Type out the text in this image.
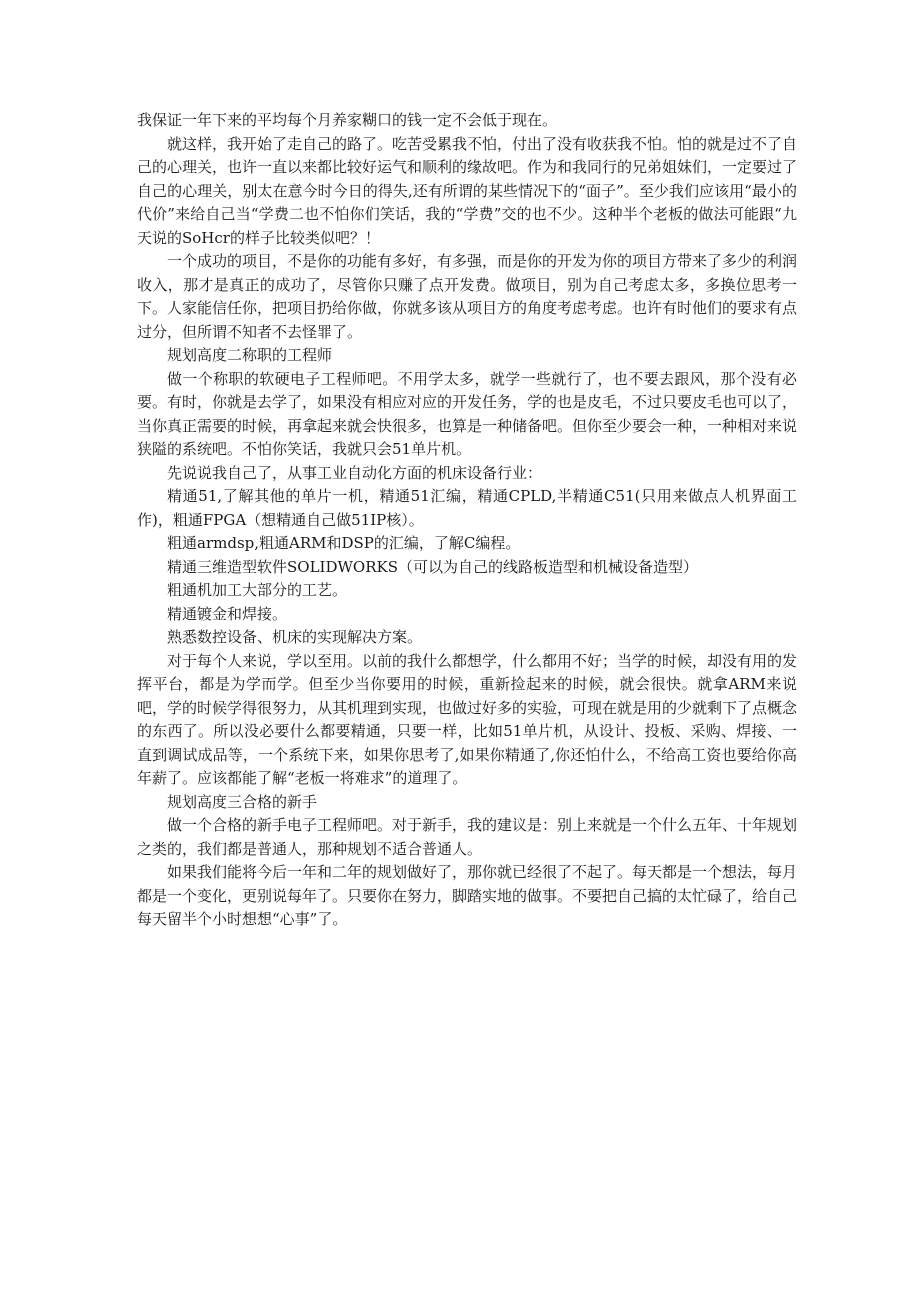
我保证一年下来的平均每个月养家糊口的钱一定不会低于现在。

就这样，我开始了走自己的路了。吃苦受累我不怕，付出了没有收获我不怕。怕的就是过不了自己的心理关，也许一直以来都比较好运气和顺利的缘故吧。作为和我同行的兄弟姐妹们，一定要过了自己的心理关，别太在意今时今日的得失,还有所谓的某些情况下的“面子”。至少我们应该用“最小的代价”来给自己当“学费二也不怕你们笑话，我的“学费”交的也不少。这种半个老板的做法可能跟“九天说的SoHcr的样子比较类似吧？！

一个成功的项目，不是你的功能有多好，有多强，而是你的开发为你的项目方带来了多少的利润收入，那才是真正的成功了，尽管你只赚了点开发费。做项目，别为自己考虑太多，多换位思考一下。人家能信任你，把项目扔给你做，你就多该从项目方的角度考虑考虑。也许有时他们的要求有点过分，但所谓不知者不去怪罪了。

规划高度二称职的工程师

做一个称职的软硬电子工程师吧。不用学太多，就学一些就行了，也不要去跟风，那个没有必要。有时，你就是去学了，如果没有相应对应的开发任务，学的也是皮毛，不过只要皮毛也可以了，当你真正需要的时候，再拿起来就会快很多，也算是一种储备吧。但你至少要会一种，一种相对来说狭隘的系统吧。不怕你笑话，我就只会51单片机。

先说说我自己了，从事工业自动化方面的机床设备行业：

精通51,了解其他的单片一机，精通51汇编，精通CPLD,半精通C51(只用来做点人机界面工作)，粗通FPGA（想精通自己做51IP核）。

粗通armdsp,粗通ARM和DSP的汇编，了解C编程。

精通三维造型软件SOLIDWORKS（可以为自己的线路板造型和机械设备造型）

粗通机加工大部分的工艺。

精通镀金和焊接。

熟悉数控设备、机床的实现解决方案。

对于每个人来说，学以至用。以前的我什么都想学，什么都用不好；当学的时候，却没有用的发挥平台，都是为学而学。但至少当你要用的时候，重新捡起来的时候，就会很快。就拿ARM来说吧，学的时候学得很努力，从其机理到实现，也做过好多的实验，可现在就是用的少就剩下了点概念的东西了。所以没必要什么都要精通，只要一样，比如51单片机，从设计、投板、采购、焊接、一直到调试成品等，一个系统下来，如果你思考了,如果你精通了,你还怕什么，不给高工资也要给你高年薪了。应该都能了解“老板一将难求”的道理了。

规划高度三合格的新手

做一个合格的新手电子工程师吧。对于新手，我的建议是：别上来就是一个什么五年、十年规划之类的，我们都是普通人，那种规划不适合普通人。

如果我们能将今后一年和二年的规划做好了，那你就已经很了不起了。每天都是一个想法，每月都是一个变化，更别说每年了。只要你在努力，脚踏实地的做事。不要把自己搞的太忙碌了，给自己每天留半个小时想想“心事”了。
